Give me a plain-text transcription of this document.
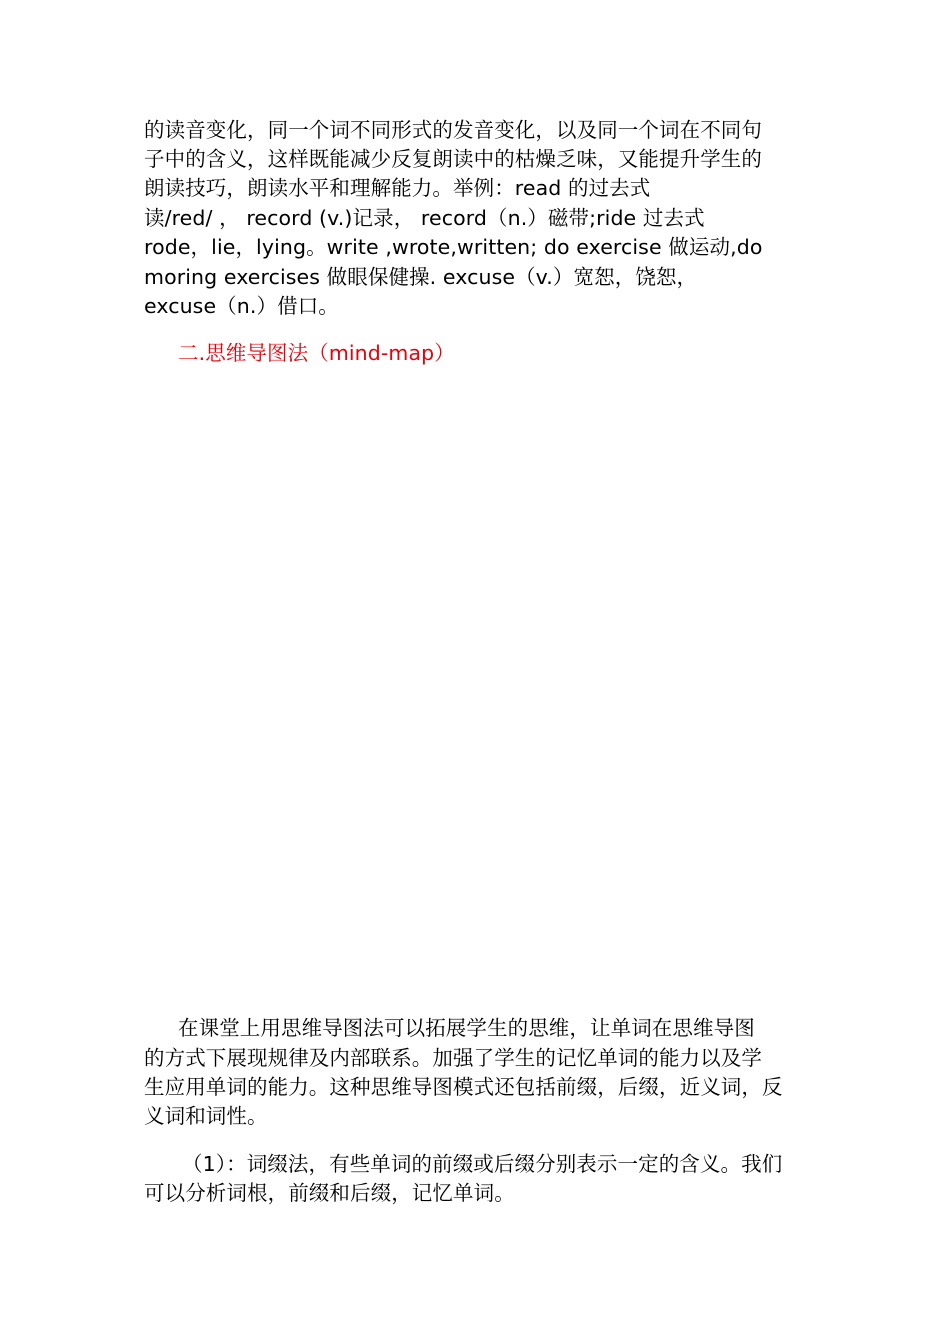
的读音变化，同一个词不同形式的发音变化，以及同一个词在不同句
子中的含义，这样既能减少反复朗读中的枯燥乏味，又能提升学生的
朗读技巧，朗读水平和理解能力。举例：read 的过去式
读/red/ ， record (v.)记录， record（n.）磁带;ride 过去式
rode，lie，lying。write ,wrote,written; do exercise 做运动,do
moring exercises 做眼保健操. excuse（v.）宽恕，饶恕，
excuse（n.）借口。
二.思维导图法（mind-map）
在课堂上用思维导图法可以拓展学生的思维，让单词在思维导图
的方式下展现规律及内部联系。加强了学生的记忆单词的能力以及学
生应用单词的能力。这种思维导图模式还包括前缀，后缀，近义词，反
义词和词性。
（1）：词缀法，有些单词的前缀或后缀分别表示一定的含义。我们
可以分析词根，前缀和后缀，记忆单词。
